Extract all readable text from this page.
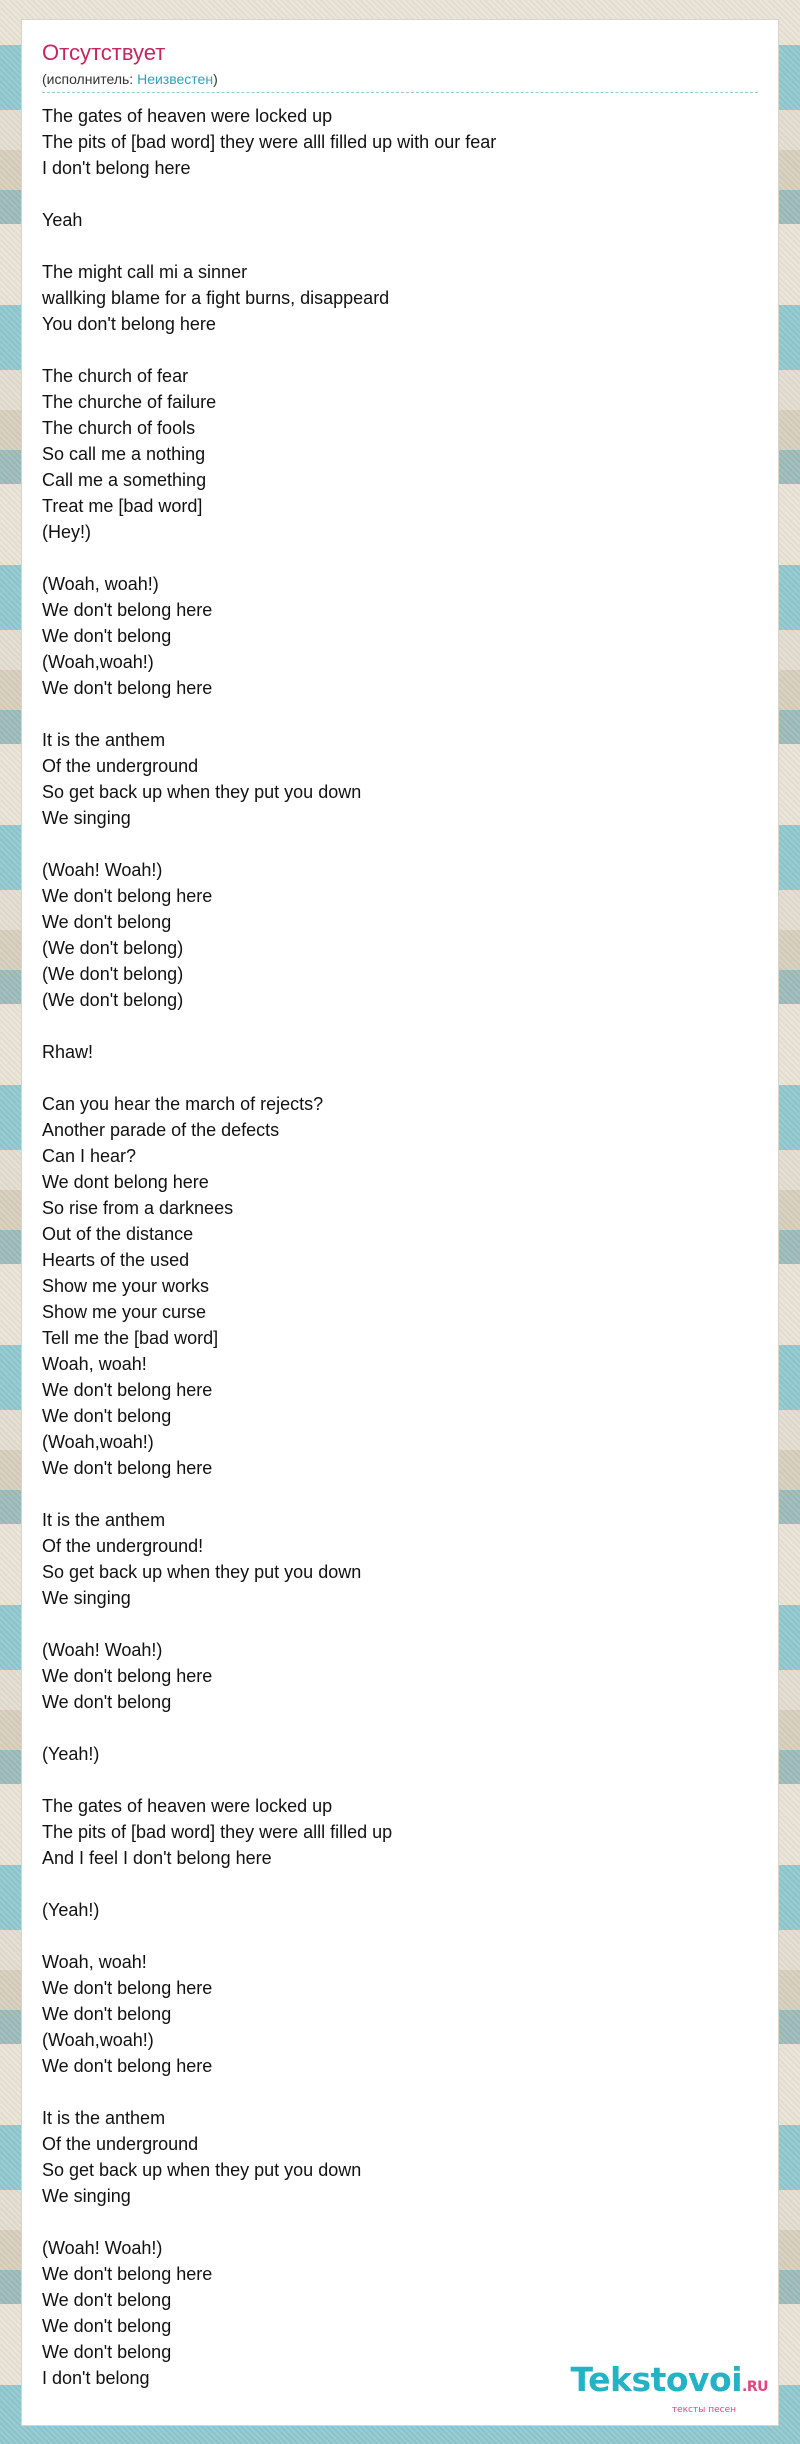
Отсутствует
(исполнитель: Неизвестен)
The gates of heaven were locked up
The pits of [bad word] they were alll filled up with our fear
I don't belong here

Yeah

The might call mi a sinner
wallking blame for a fight burns, disappeard
You don't belong here

The church of fear
The churche of failure
The church of fools
So call me a nothing
Call me a something
Treat me [bad word]
(Hey!)

(Woah, woah!)
We don't belong here
We don't belong
(Woah,woah!)
We don't belong here

It is the anthem
Of the underground
So get back up when they put you down
We singing

(Woah! Woah!)
We don't belong here
We don't belong
(We don't belong)
(We don't belong)
(We don't belong)

Rhaw!

Can you hear the march of rejects?
Another parade of the defects
Can I hear?
We dont belong here
So rise from a darknees
Out of the distance
Hearts of the used
Show me your works
Show me your curse
Tell me the [bad word]
Woah, woah!
We don't belong here
We don't belong
(Woah,woah!)
We don't belong here

It is the anthem
Of the underground!
So get back up when they put you down
We singing

(Woah! Woah!)
We don't belong here
We don't belong

(Yeah!)

The gates of heaven were locked up
The pits of [bad word] they were alll filled up
And I feel I don't belong here

(Yeah!)

Woah, woah!
We don't belong here
We don't belong
(Woah,woah!)
We don't belong here

It is the anthem
Of the underground
So get back up when they put you down
We singing

(Woah! Woah!)
We don't belong here
We don't belong
We don't belong
We don't belong
I don't belong	Tekstovoi.RU
тексты песен
